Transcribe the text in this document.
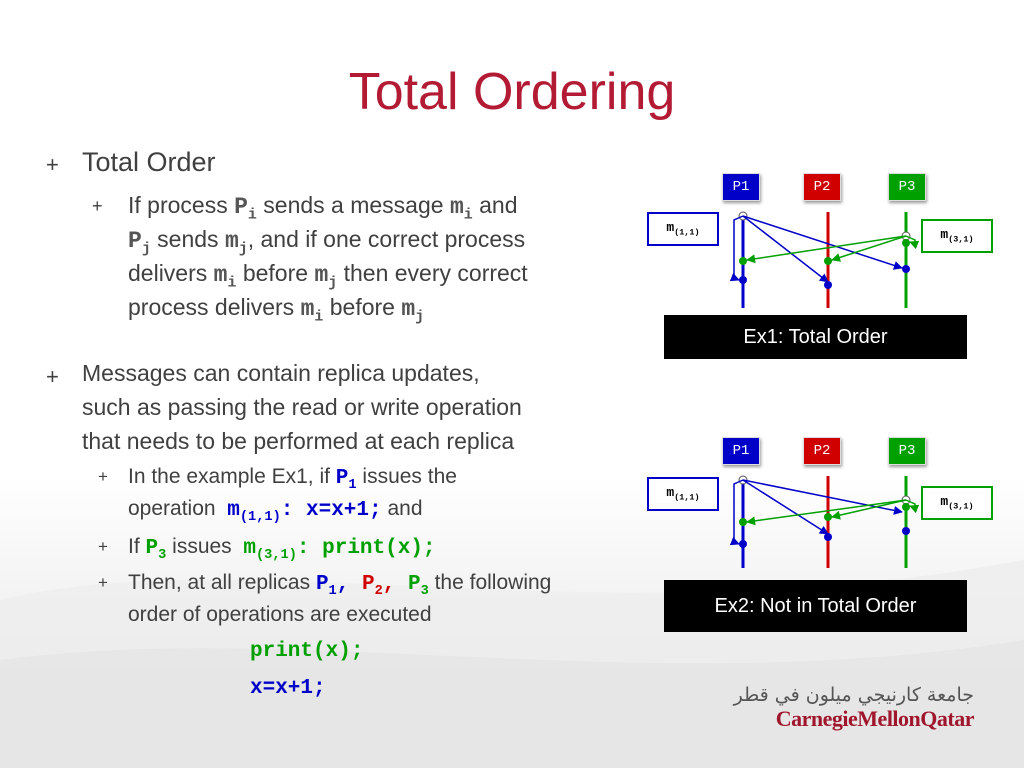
Total Ordering
+ Total Order
+ If process $P_i$ sends a message $m_i$ and
$P_j$ sends $m_j$, and if one correct process
delivers $m_i$ before $m_j$ then every correct
process delivers $m_i$ before $m_j$
+ Messages can contain replica updates,
such as passing the read or write operation
that needs to be performed at each replica
+ In the example Ex1, if $P_1$ issues the
operation  $m_{(1,1)}$: x=x+1; and
+ If $P_3$ issues  $m_{(3,1)}$: print(x);
+ Then, at all replicas $P_1$, $P_2$, $P_3$ the following
order of operations are executed
print(x);
x=x+1;
P1	P2	P3
$m_{(1,1)}$	$m_{(3,1)}$
Ex1: Total Order
P1	P2	P3
$m_{(1,1)}$	$m_{(3,1)}$
Ex2: Not in Total Order
جامعة كارنيجي ميلون في قطر
CarnegieMellonQatar
